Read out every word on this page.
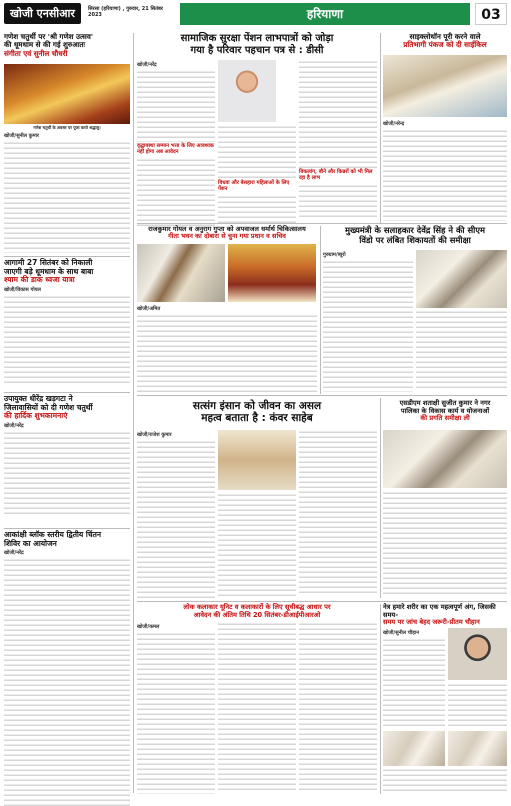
खोजी एनसीआर	सिरसा (हरियाणा) , गुरुवार, 21 सितंबर 2023	हरियाणा	03
गणेश चतुर्थी पर 'श्री गणेश उत्सव'
की धूमधाम से की गई शुरुआतः
संगीता एवं सुनील चौधरी
गणेश चतुर्थी के अवसर पर पूजा करते श्रद्धालु।
खोजी/सुनील कुमार
आगामी 27 सितंबर को निकाली
जाएगी बड़े धूमधाम के साथ बाबा
श्याम की डाक ध्वजा यात्रा
खोजी/विकास गोयल
उपायुक्त धीरेंद्र खड़गटा ने
जिलावासियों को दी गणेश चतुर्थी
की हार्दिक शुभकामनाएं
खोजी/नरेंद्र
आकांक्षी ब्लॉक स्तरीय द्वितीय चिंतन
शिविर का आयोजन
खोजी/नरेंद्र
सामाजिक सुरक्षा पेंशन लाभपात्रों को जोड़ा
गया है परिवार पहचान पत्र से : डीसी
खोजी/नरेंद्र
वृद्धावस्था सम्मान भत्ता के लिए आवश्यक नहीं होगा अब आवेदन
विधवा और बेसहारा महिलाओं के लिए पेंशन
विकलांग, बौने और किन्नरों को भी मिल रहा है लाभ
साइक्लोथॉन पूरी करने वाले
प्रतिभागी पंकज को दी साईकिल
खोजी/नरेन्द्र
राजकुमार गोयल व अनुराग गुप्ता को अपवाजल धर्मार्थ चिकित्सालय
गीता भवन का दोबारा से चुना गया प्रधान व सचिव
खोजी/अमित
मुख्यमंत्री के सलाहकार देवेंद्र सिंह ने की सीएम
विंडो पर लंबित शिकायतों की समीक्षा
गुरुग्राम/ब्यूरो
सत्संग इंसान को जीवन का असल
महत्व बताता है : कंवर साहेब
खोजी/राजेश कुमार
एसडीएम शताक्षी सुजीत कुमार ने नगर
पालिका के विकास कार्य व योजनाओं
की प्रगति समीक्षा ली
लोक कलाकार यूनिट व कलाकारों के लिए सूचीबद्ध आधार पर
आवेदन की अंतिम तिथि 20 सितंबर-डीआईपीआरओ
खोजी/कमल
नेत्र हमारे शरीर का एक महत्वपूर्ण अंग, जिसकी समय-
समय पर जांच बेहद जरूरी-प्रीतम चौहान
खोजी/सुनील चौहान
